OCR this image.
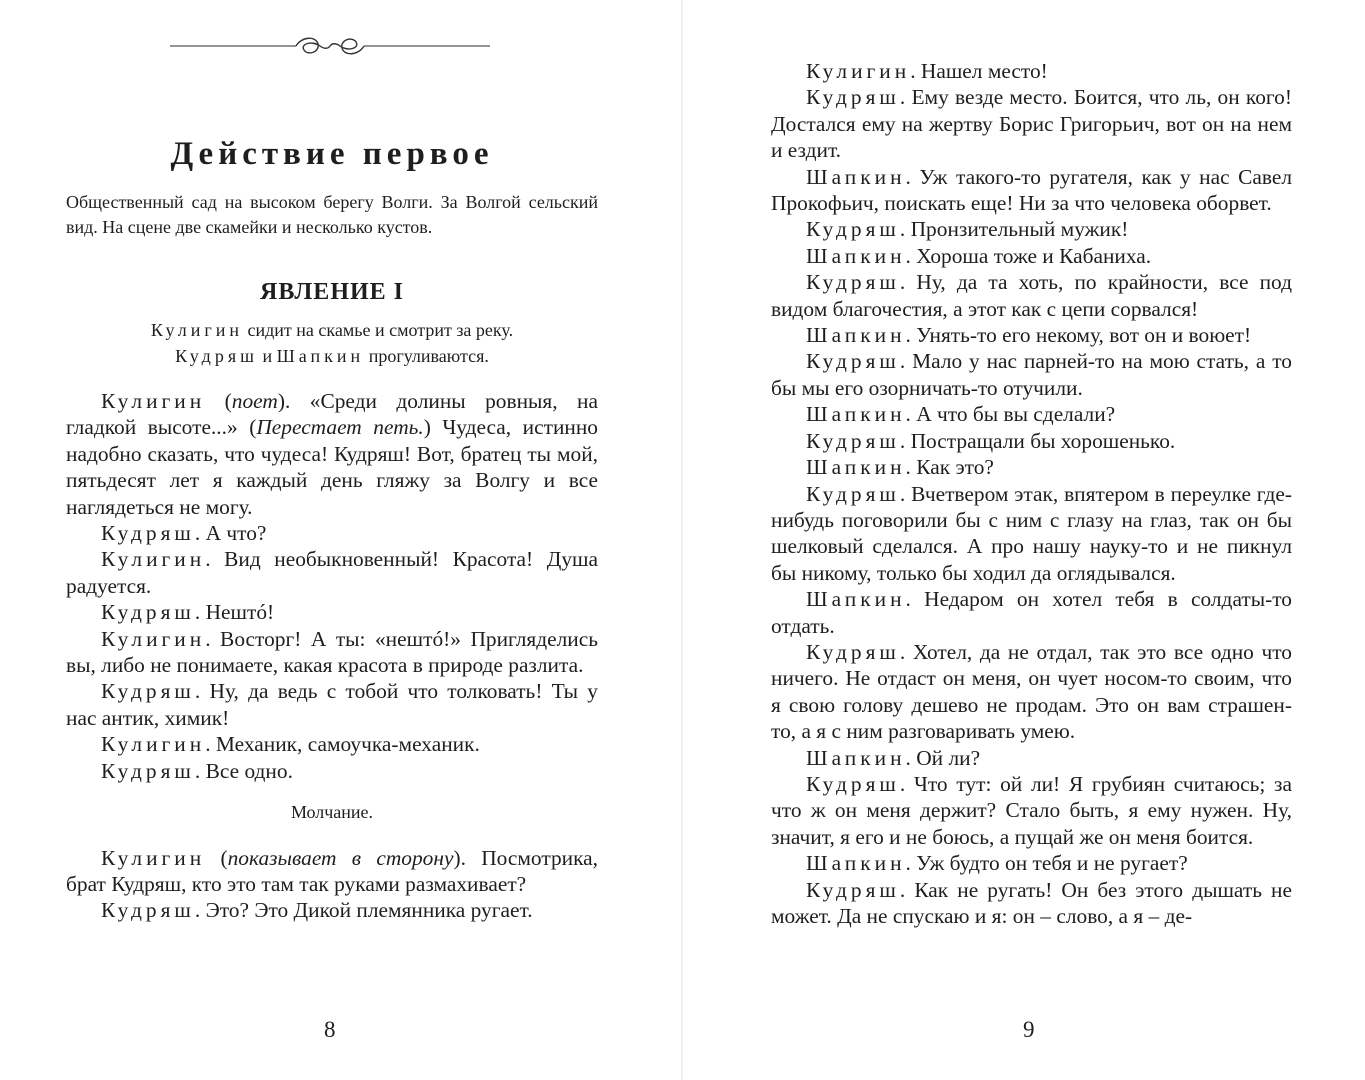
Действие первое

Общественный сад на высоком берегу Волги. За Волгой сельский вид. На сцене две скамейки и несколько кустов.

ЯВЛЕНИЕ I

Кулигин сидит на скамье и смотрит за реку.
Кудряш и Шапкин прогуливаются.

Кулигин (поет). «Среди долины ровныя, на гладкой высоте...» (Перестает петь.) Чудеса, истинно надобно сказать, что чудеса! Кудряш! Вот, братец ты мой, пятьдесят лет я каждый день гляжу за Волгу и все наглядеться не могу.

Кудряш. А что?

Кулигин. Вид необыкновенный! Красота! Душа радуется.

Кудряш. Нештó!

Кулигин. Восторг! А ты: «нештó!» Пригляделись вы, либо не понимаете, какая красота в природе разлита.

Кудряш. Ну, да ведь с тобой что толковать! Ты у нас антик, химик!

Кулигин. Механик, самоучка-механик.

Кудряш. Все одно.

Молчание.

Кулигин (показывает в сторону). Посмотрика, брат Кудряш, кто это там так руками размахивает?

Кудряш. Это? Это Дикой племянника ругает.

8

Кулигин. Нашел место!

Кудряш. Ему везде место. Боится, что ль, он кого! Достался ему на жертву Борис Григорьич, вот он на нем и ездит.

Шапкин. Уж такого-то ругателя, как у нас Савел Прокофьич, поискать еще! Ни за что человека оборвет.

Кудряш. Пронзительный мужик!

Шапкин. Хороша тоже и Кабаниха.

Кудряш. Ну, да та хоть, по крайности, все под видом благочестия, а этот как с цепи сорвался!

Шапкин. Унять-то его некому, вот он и воюет!

Кудряш. Мало у нас парней-то на мою стать, а то бы мы его озорничать-то отучили.

Шапкин. А что бы вы сделали?

Кудряш. Постращали бы хорошенько.

Шапкин. Как это?

Кудряш. Вчетвером этак, впятером в переулке где-нибудь поговорили бы с ним с глазу на глаз, так он бы шелковый сделался. А про нашу науку-то и не пикнул бы никому, только бы ходил да оглядывался.

Шапкин. Недаром он хотел тебя в солдаты-то отдать.

Кудряш. Хотел, да не отдал, так это все одно что ничего. Не отдаст он меня, он чует носом-то своим, что я свою голову дешево не продам. Это он вам страшен-то, а я с ним разговаривать умею.

Шапкин. Ой ли?

Кудряш. Что тут: ой ли! Я грубиян считаюсь; за что ж он меня держит? Стало быть, я ему нужен. Ну, значит, я его и не боюсь, а пущай же он меня боится.

Шапкин. Уж будто он тебя и не ругает?

Кудряш. Как не ругать! Он без этого дышать не может. Да не спускаю и я: он – слово, а я – де-

9
